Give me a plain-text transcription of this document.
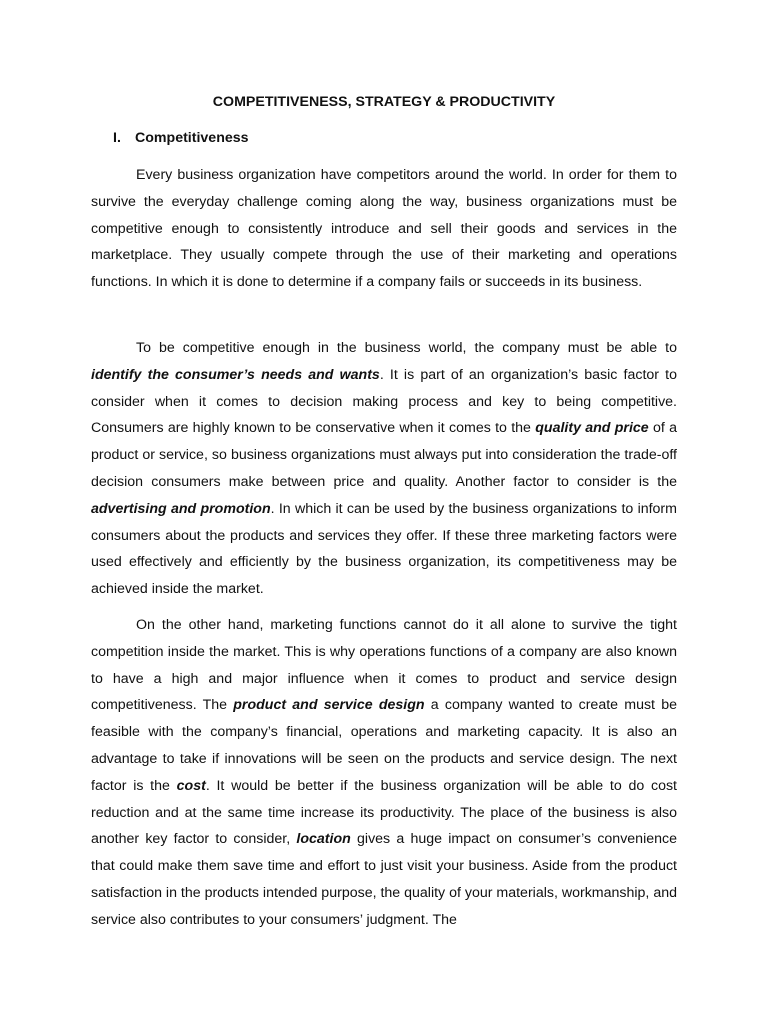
COMPETITIVENESS, STRATEGY & PRODUCTIVITY
I. Competitiveness

Every business organization have competitors around the world. In order for them to survive the everyday challenge coming along the way, business organizations must be competitive enough to consistently introduce and sell their goods and services in the marketplace. They usually compete through the use of their marketing and operations functions. In which it is done to determine if a company fails or succeeds in its business.

To be competitive enough in the business world, the company must be able to identify the consumer’s needs and wants. It is part of an organization’s basic factor to consider when it comes to decision making process and key to being competitive. Consumers are highly known to be conservative when it comes to the quality and price of a product or service, so business organizations must always put into consideration the trade-off decision consumers make between price and quality. Another factor to consider is the advertising and promotion. In which it can be used by the business organizations to inform consumers about the products and services they offer. If these three marketing factors were used effectively and efficiently by the business organization, its competitiveness may be achieved inside the market.

On the other hand, marketing functions cannot do it all alone to survive the tight competition inside the market. This is why operations functions of a company are also known to have a high and major influence when it comes to product and service design competitiveness. The product and service design a company wanted to create must be feasible with the company’s financial, operations and marketing capacity. It is also an advantage to take if innovations will be seen on the products and service design. The next factor is the cost. It would be better if the business organization will be able to do cost reduction and at the same time increase its productivity. The place of the business is also another key factor to consider, location gives a huge impact on consumer’s convenience that could make them save time and effort to just visit your business. Aside from the product satisfaction in the products intended purpose, the quality of your materials, workmanship, and service also contributes to your consumers’ judgment. The
